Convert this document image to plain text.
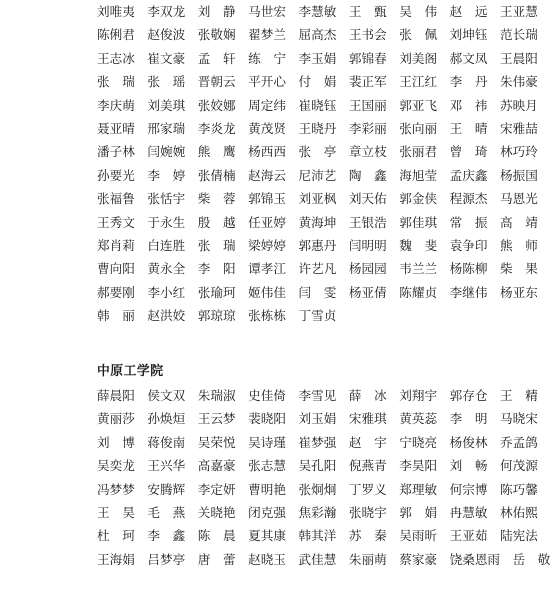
刘唯夷　李双龙　刘　静　马世宏　李慧敏　王　甄　吴　伟　赵　远　王亚慧
陈俐君　赵俊波　张敬娴　翟梦兰　屈高杰　王书会　张　佩　刘坤钰　范长瑞
王志冰　崔文豪　孟　轩　练　宁　李玉娟　郭锦春　刘美阁　郝文凤　王晨阳
张　瑞　张　瑶　晋朝云　平开心　付　娟　裴正军　王江红　李　丹　朱伟豪
李庆萌　刘美琪　张姣娜　周定纬　崔晓钰　王国丽　郭亚飞　邓　祎　苏映月
聂亚晴　邢家瑞　李炎龙　黄茂贤　王晓丹　李彩丽　张向丽　王　晴　宋雅喆
潘子林　闫婉婉　熊　鹰　杨西西　张　亭　章立枝　张丽君　曾　琦　林巧玲
孙要光　李　婷　张倩楠　赵海云　尼沛艺　陶　鑫　海旭莹　孟庆鑫　杨振国
张福鲁　张恬宇　柴　蓉　郭锦玉　刘亚枫　刘天佑　郭金侠　程源杰　马恩光
王秀文　于永生　殷　越　任亚婷　黄海坤　王银浩　郭佳琪　常　振　高　靖
郑肖莉　白连胜　张　瑞　梁婷婷　郭惠丹　闫明明　魏　斐　袁争印　熊　师
曹向阳　黄永全　李　阳　谭孝江　许艺凡　杨园园　韦兰兰　杨陈柳　柴　果
郝要刚　李小红　张瑜珂　姬伟佳　闫　雯　杨亚倩　陈耀贞　李继伟　杨亚东
韩　丽　赵洪姣　郭琼琼　张栋栋　丁雪贞
中原工学院
薛晨阳　侯文双　朱瑞淑　史佳倚　李雪见　薛　冰　刘翔宇　郭存仓　王　精
黄丽莎　孙焕烜　王云梦　裴晓阳　刘玉娟　宋雅琪　黄英蕊　李　明　马晓宋
刘　博　蒋俊南　吴荣悦　吴诗瑾　崔梦强　赵　宇　宁晓亮　杨俊林　乔孟鸽
吴奕龙　王兴华　高嘉豪　张志慧　吴孔阳　倪燕青　李昊阳　刘　畅　何茂源
冯梦梦　安腾辉　李定妍　曹明艳　张炯炯　丁罗义　郑理敏　何宗博　陈巧馨
王　昊　毛　燕　关晓艳　闭克强　焦彩瀚　张晓宇　郭　娟　冉慧敏　林佑熙
杜　珂　李　鑫　陈　晨　夏其康　韩其洋　苏　秦　吴雨昕　王亚茹　陆宪法
王海娟　吕梦亭　唐　蕾　赵晓玉　武佳慧　朱丽萌　蔡家豪　饶桑恩雨　岳　敬
